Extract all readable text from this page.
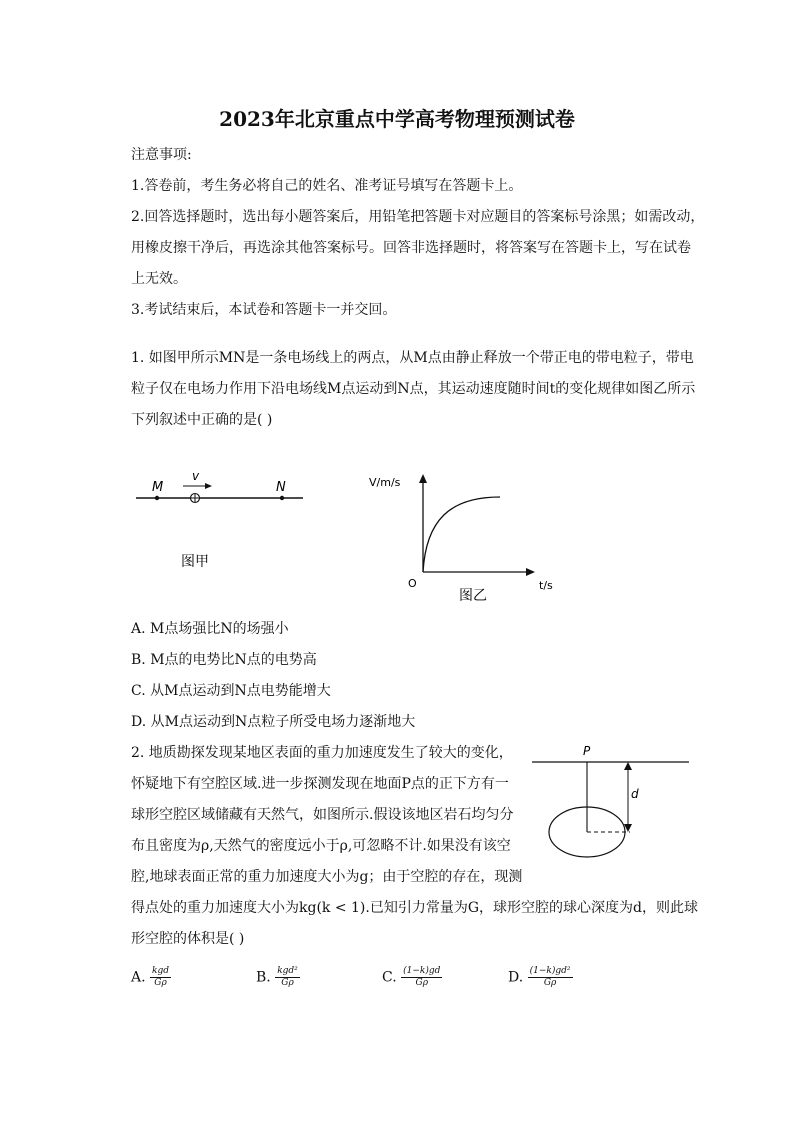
2023年北京重点中学高考物理预测试卷
注意事项:
1.答卷前，考生务必将自己的姓名、准考证号填写在答题卡上。
2.回答选择题时，选出每小题答案后，用铅笔把答题卡对应题目的答案标号涂黑；如需改动，
用橡皮擦干净后，再选涂其他答案标号。回答非选择题时，将答案写在答题卡上，写在试卷
上无效。
3.考试结束后，本试卷和答题卡一并交回。
1. 如图甲所示MN是一条电场线上的两点，从M点由静止释放一个带正电的带电粒子，带电
粒子仅在电场力作用下沿电场线M点运动到N点，其运动速度随时间t的变化规律如图乙所示
下列叙述中正确的是( )
M	N
v
图甲
V/m/s
t/s
O
图乙
A. M点场强比N的场强小
B. M点的电势比N点的电势高
C. 从M点运动到N点电势能增大
D. 从M点运动到N点粒子所受电场力逐渐地大
2. 地质勘探发现某地区表面的重力加速度发生了较大的变化，
怀疑地下有空腔区域.进一步探测发现在地面P点的正下方有一
球形空腔区域储藏有天然气，如图所示.假设该地区岩石均匀分
布且密度为ρ,天然气的密度远小于ρ,可忽略不计.如果没有该空
腔,地球表面正常的重力加速度大小为g；由于空腔的存在，现测
得点处的重力加速度大小为kg(k < 1).已知引力常量为G，球形空腔的球心深度为d，则此球
形空腔的体积是( )
P
d
A. $\frac{\text{kgd}}{G\rho}$	B. $\frac{\text{kgd²}}{G\rho}$	C. $\frac{(1-k)gd}{G\rho}$	D. $\frac{\text{(1−k)gd²}}{G\rho}$
